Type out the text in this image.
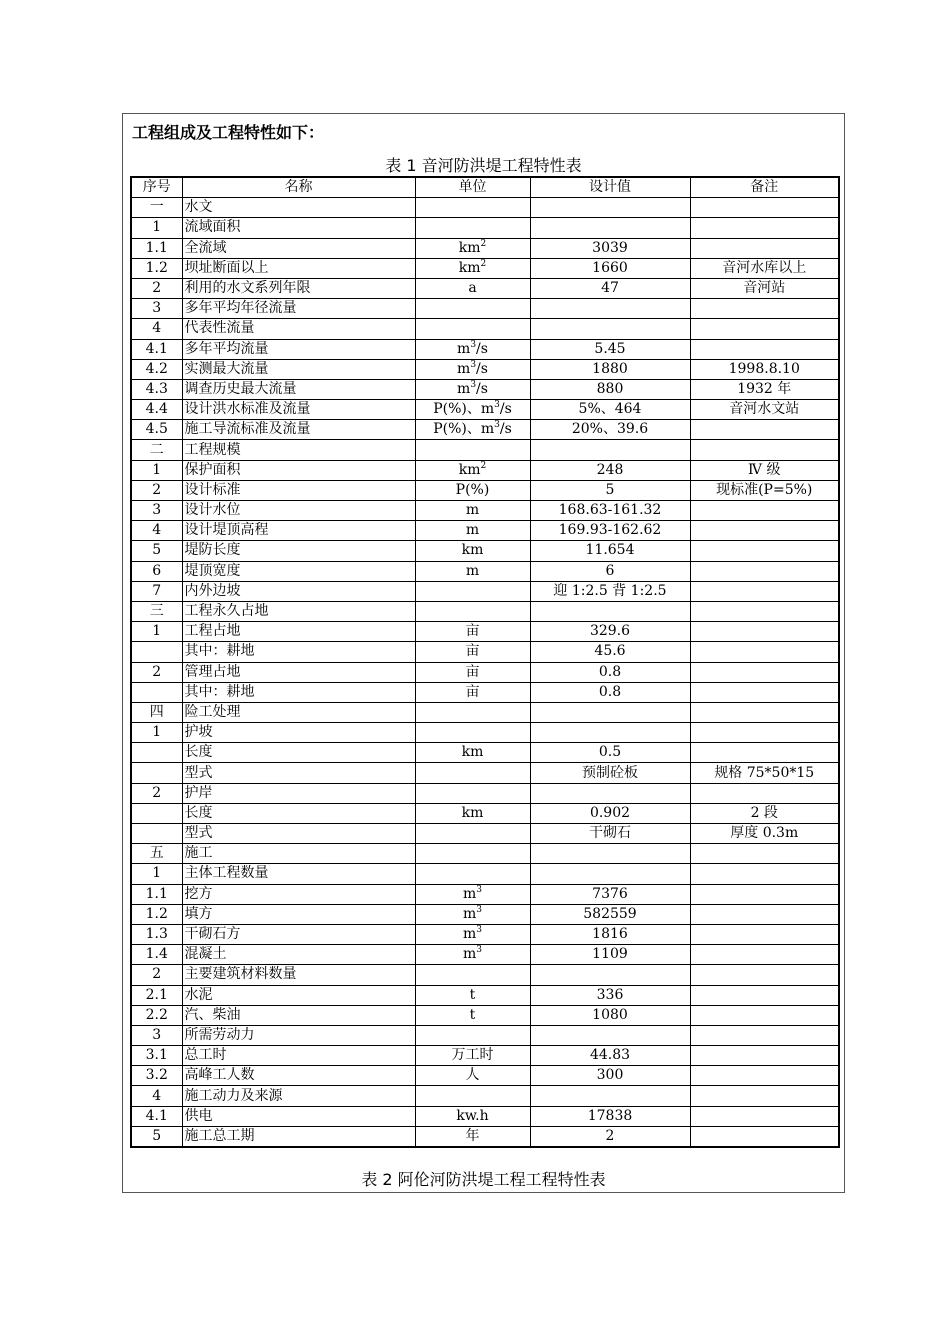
工程组成及工程特性如下：
表 1 音河防洪堤工程特性表
序号	名称	单位	设计值	备注
一	水文			
1	流域面积			
1.1	全流域	$km^2$	3039	
1.2	坝址断面以上	$km^2$	1660	音河水库以上
2	利用的水文系列年限	a	47	音河站
3	多年平均年径流量			
4	代表性流量			
4.1	多年平均流量	$m^3/s$	5.45	
4.2	实测最大流量	$m^3/s$	1880	1998.8.10
4.3	调查历史最大流量	$m^3/s$	880	1932 年
4.4	设计洪水标准及流量	P(%)、$m^3/s$	5%、464	音河水文站
4.5	施工导流标准及流量	P(%)、$m^3/s$	20%、39.6	
二	工程规模			
1	保护面积	$km^2$	248	Ⅳ 级
2	设计标准	P(%)	5	现标准(P=5%)
3	设计水位	m	168.63-161.32	
4	设计堤顶高程	m	169.93-162.62	
5	堤防长度	km	11.654	
6	堤顶宽度	m	6	
7	内外边坡		迎 1:2.5 背 1:2.5	
三	工程永久占地			
1	工程占地	亩	329.6	
	其中：耕地	亩	45.6	
2	管理占地	亩	0.8	
	其中：耕地	亩	0.8	
四	险工处理			
1	护坡			
	长度	km	0.5	
	型式		预制砼板	规格 75*50*15
2	护岸			
	长度	km	0.902	2 段
	型式		干砌石	厚度 0.3m
五	施工			
1	主体工程数量			
1.1	挖方	$m^3$	7376	
1.2	填方	$m^3$	582559	
1.3	干砌石方	$m^3$	1816	
1.4	混凝土	$m^3$	1109	
2	主要建筑材料数量			
2.1	水泥	t	336	
2.2	汽、柴油	t	1080	
3	所需劳动力			
3.1	总工时	万工时	44.83	
3.2	高峰工人数	人	300	
4	施工动力及来源			
4.1	供电	kw.h	17838	
5	施工总工期	年	2	
表 2 阿伦河防洪堤工程工程特性表
